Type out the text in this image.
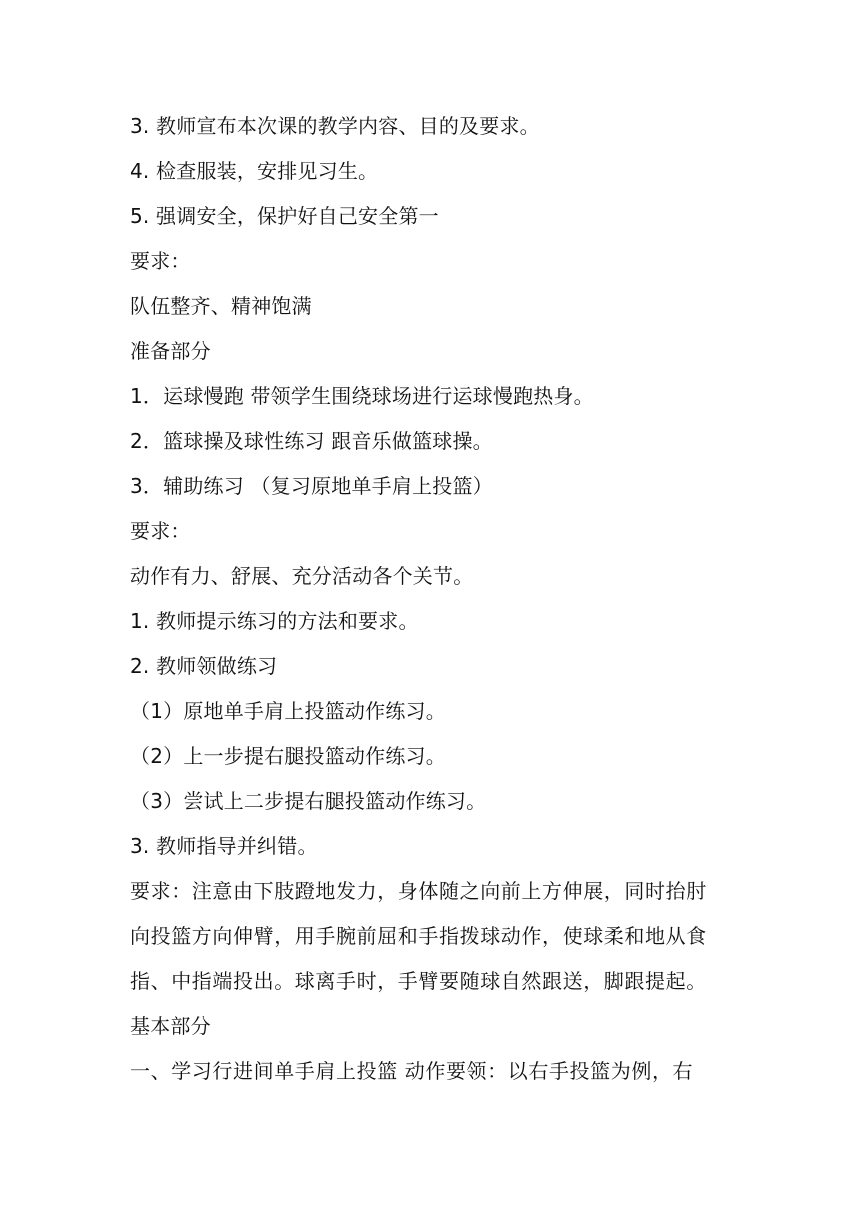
3. 教师宣布本次课的教学内容、目的及要求。
4. 检查服装，安排见习生。
5. 强调安全，保护好自己安全第一
要求：
队伍整齐、精神饱满
准备部分
1．运球慢跑 带领学生围绕球场进行运球慢跑热身。
2．篮球操及球性练习 跟音乐做篮球操。
3．辅助练习 （复习原地单手肩上投篮）
要求：
动作有力、舒展、充分活动各个关节。
1. 教师提示练习的方法和要求。
2. 教师领做练习
（1）原地单手肩上投篮动作练习。
（2）上一步提右腿投篮动作练习。
（3）尝试上二步提右腿投篮动作练习。
3. 教师指导并纠错。
要求：注意由下肢蹬地发力，身体随之向前上方伸展，同时抬肘
向投篮方向伸臂，用手腕前屈和手指拨球动作，使球柔和地从食
指、中指端投出。球离手时，手臂要随球自然跟送，脚跟提起。
基本部分
一、学习行进间单手肩上投篮 动作要领：以右手投篮为例，右
